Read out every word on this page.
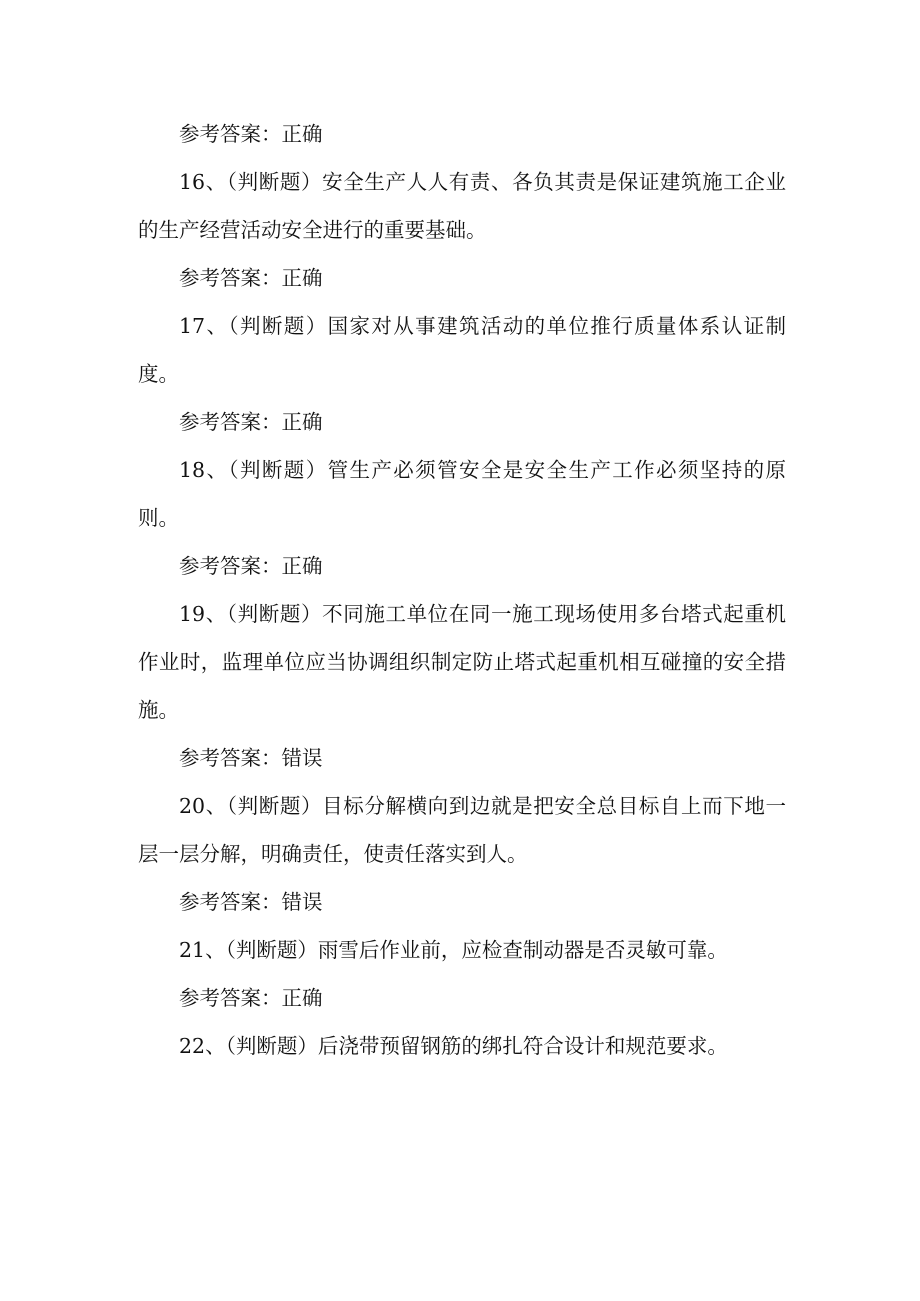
参考答案：正确

16、（判断题）安全生产人人有责、各负其责是保证建筑施工企业的生产经营活动安全进行的重要基础。

参考答案：正确

17、（判断题）国家对从事建筑活动的单位推行质量体系认证制度。

参考答案：正确

18、（判断题）管生产必须管安全是安全生产工作必须坚持的原则。

参考答案：正确

19、（判断题）不同施工单位在同一施工现场使用多台塔式起重机作业时，监理单位应当协调组织制定防止塔式起重机相互碰撞的安全措施。

参考答案：错误

20、（判断题）目标分解横向到边就是把安全总目标自上而下地一层一层分解，明确责任，使责任落实到人。

参考答案：错误

21、（判断题）雨雪后作业前，应检查制动器是否灵敏可靠。

参考答案：正确

22、（判断题）后浇带预留钢筋的绑扎符合设计和规范要求。
